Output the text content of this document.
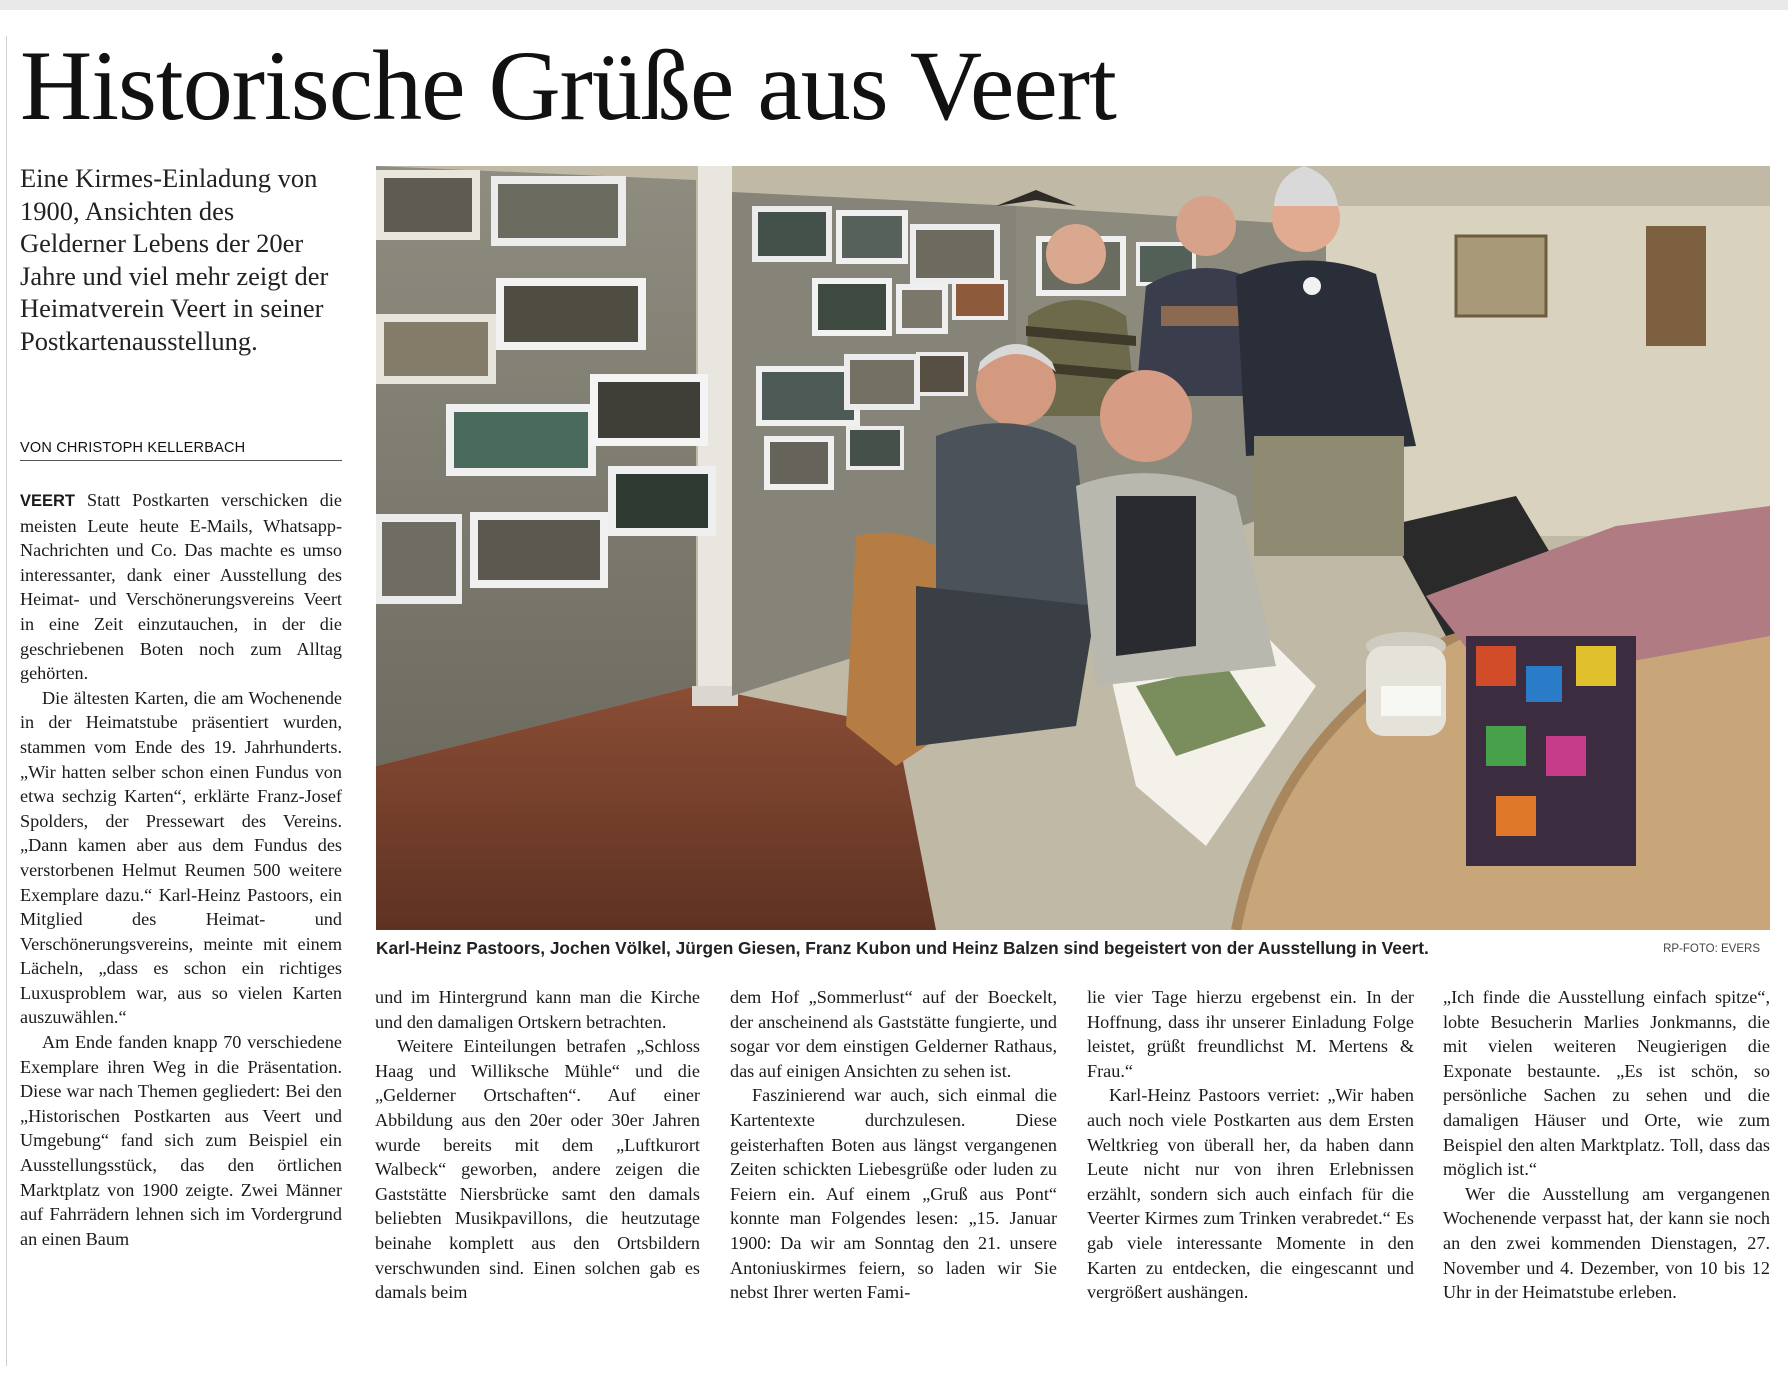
Historische Grüße aus Veert

Eine Kirmes-Einladung von 1900, Ansichten des Gelderner Lebens der 20er Jahre und viel mehr zeigt der Heimatverein Veert in seiner Postkartenausstellung.

VON CHRISTOPH KELLERBACH

VEERT Statt Postkarten verschicken die meisten Leute heute E-Mails, Whatsapp-Nachrichten und Co. Das machte es umso interessanter, dank einer Ausstellung des Heimat- und Verschönerungsvereins Veert in eine Zeit einzutauchen, in der die geschriebenen Boten noch zum Alltag gehörten.

Die ältesten Karten, die am Wochenende in der Heimatstube präsentiert wurden, stammen vom Ende des 19. Jahrhunderts. „Wir hatten selber schon einen Fundus von etwa sechzig Karten“, erklärte Franz-Josef Spolders, der Pressewart des Vereins. „Dann kamen aber aus dem Fundus des verstorbenen Helmut Reumen 500 weitere Exemplare dazu.“ Karl-Heinz Pastoors, ein Mitglied des Heimat- und Verschönerungsvereins, meinte mit einem Lächeln, „dass es schon ein richtiges Luxusproblem war, aus so vielen Karten auszuwählen.“

Am Ende fanden knapp 70 verschiedene Exemplare ihren Weg in die Präsentation. Diese war nach Themen gegliedert: Bei den „Historischen Postkarten aus Veert und Umgebung“ fand sich zum Beispiel ein Ausstellungsstück, das den örtlichen Marktplatz von 1900 zeigte. Zwei Männer auf Fahrrädern lehnen sich im Vordergrund an einen Baum

Karl-Heinz Pastoors, Jochen Völkel, Jürgen Giesen, Franz Kubon und Heinz Balzen sind begeistert von der Ausstellung in Veert.	RP-FOTO: EVERS

und im Hintergrund kann man die Kirche und den damaligen Ortskern betrachten.

Weitere Einteilungen betrafen „Schloss Haag und Williksche Mühle“ und die „Gelderner Ortschaften“. Auf einer Abbildung aus den 20er oder 30er Jahren wurde bereits mit dem „Luftkurort Walbeck“ geworben, andere zeigen die Gaststätte Niersbrücke samt den damals beliebten Musikpavillons, die heutzutage beinahe komplett aus den Ortsbildern verschwunden sind. Einen solchen gab es damals beim

dem Hof „Sommerlust“ auf der Boeckelt, der anscheinend als Gaststätte fungierte, und sogar vor dem einstigen Gelderner Rathaus, das auf einigen Ansichten zu sehen ist.

Faszinierend war auch, sich einmal die Kartentexte durchzulesen. Diese geisterhaften Boten aus längst vergangenen Zeiten schickten Liebesgrüße oder luden zu Feiern ein. Auf einem „Gruß aus Pont“ konnte man Folgendes lesen: „15. Januar 1900: Da wir am Sonntag den 21. unsere Antoniuskirmes feiern, so laden wir Sie nebst Ihrer werten Fami-

lie vier Tage hierzu ergebenst ein. In der Hoffnung, dass ihr unserer Einladung Folge leistet, grüßt freundlichst M. Mertens & Frau.“

Karl-Heinz Pastoors verriet: „Wir haben auch noch viele Postkarten aus dem Ersten Weltkrieg von überall her, da haben dann Leute nicht nur von ihren Erlebnissen erzählt, sondern sich auch einfach für die Veerter Kirmes zum Trinken verabredet.“ Es gab viele interessante Momente in den Karten zu entdecken, die eingescannt und vergrößert aushängen.

„Ich finde die Ausstellung einfach spitze“, lobte Besucherin Marlies Jonkmanns, die mit vielen weiteren Neugierigen die Exponate bestaunte. „Es ist schön, so persönliche Sachen zu sehen und die damaligen Häuser und Orte, wie zum Beispiel den alten Marktplatz. Toll, dass das möglich ist.“

Wer die Ausstellung am vergangenen Wochenende verpasst hat, der kann sie noch an den zwei kommenden Dienstagen, 27. November und 4. Dezember, von 10 bis 12 Uhr in der Heimatstube erleben.
